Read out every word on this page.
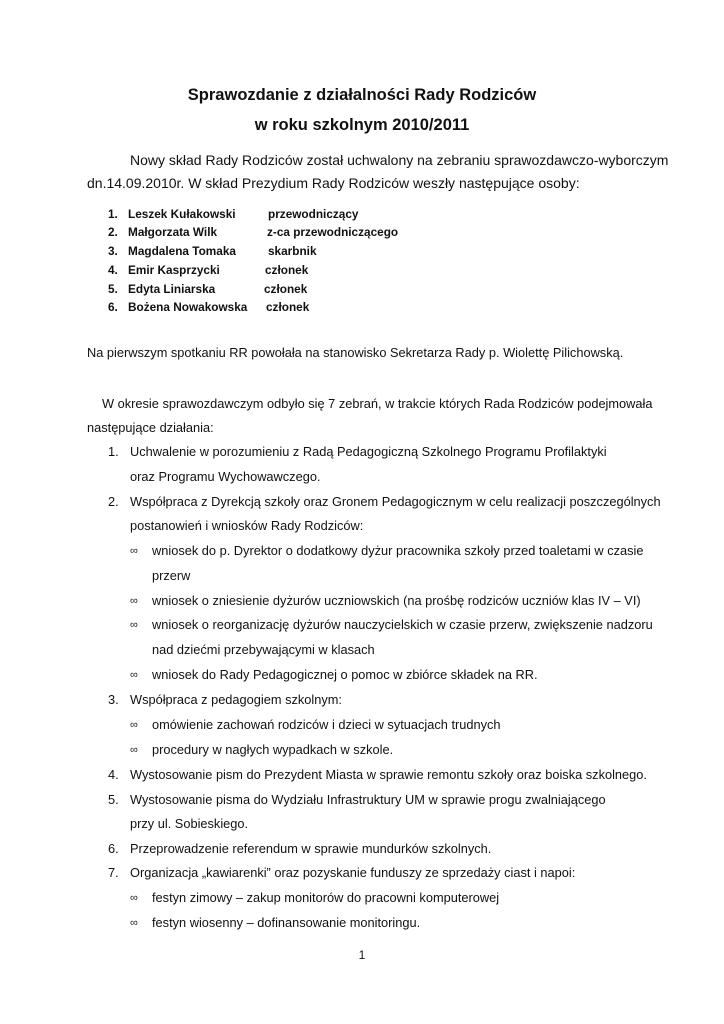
Sprawozdanie z działalności Rady Rodziców
w roku szkolnym 2010/2011
Nowy skład Rady Rodziców został uchwalony na zebraniu sprawozdawczo-wyborczym
dn.14.09.2010r. W skład Prezydium Rady Rodziców weszły następujące osoby:
1. Leszek Kułakowski	przewodniczący
2. Małgorzata Wilk	z-ca przewodniczącego
3. Magdalena Tomaka	skarbnik
4. Emir Kasprzycki	członek
5. Edyta Liniarska	członek
6. Bożena Nowakowska członek
Na pierwszym spotkaniu RR powołała na stanowisko Sekretarza Rady p. Wiolettę Pilichowską.
W okresie sprawozdawczym odbyło się 7 zebrań, w trakcie których Rada Rodziców podejmowała
następujące działania:
1. Uchwalenie w porozumieniu z Radą Pedagogiczną Szkolnego Programu Profilaktyki
oraz Programu Wychowawczego.
2. Współpraca z Dyrekcją szkoły oraz Gronem Pedagogicznym w celu realizacji poszczególnych
postanowień i wniosków Rady Rodziców:
∞ wniosek do p. Dyrektor o dodatkowy dyżur pracownika szkoły przed toaletami w czasie
przerw
∞ wniosek o zniesienie dyżurów uczniowskich (na prośbę rodziców uczniów klas IV – VI)
∞ wniosek o reorganizację dyżurów nauczycielskich w czasie przerw, zwiększenie nadzoru
nad dziećmi przebywającymi w klasach
∞ wniosek do Rady Pedagogicznej o pomoc w zbiórce składek na RR.
3. Współpraca z pedagogiem szkolnym:
∞ omówienie zachowań rodziców i dzieci w sytuacjach trudnych
∞ procedury w nagłych wypadkach w szkole.
4. Wystosowanie pism do Prezydent Miasta w sprawie remontu szkoły oraz boiska szkolnego.
5. Wystosowanie pisma do Wydziału Infrastruktury UM w sprawie progu zwalniającego
przy ul. Sobieskiego.
6. Przeprowadzenie referendum w sprawie mundurków szkolnych.
7. Organizacja „kawiarenki” oraz pozyskanie funduszy ze sprzedaży ciast i napoi:
∞ festyn zimowy – zakup monitorów do pracowni komputerowej
∞ festyn wiosenny – dofinansowanie monitoringu.
1
